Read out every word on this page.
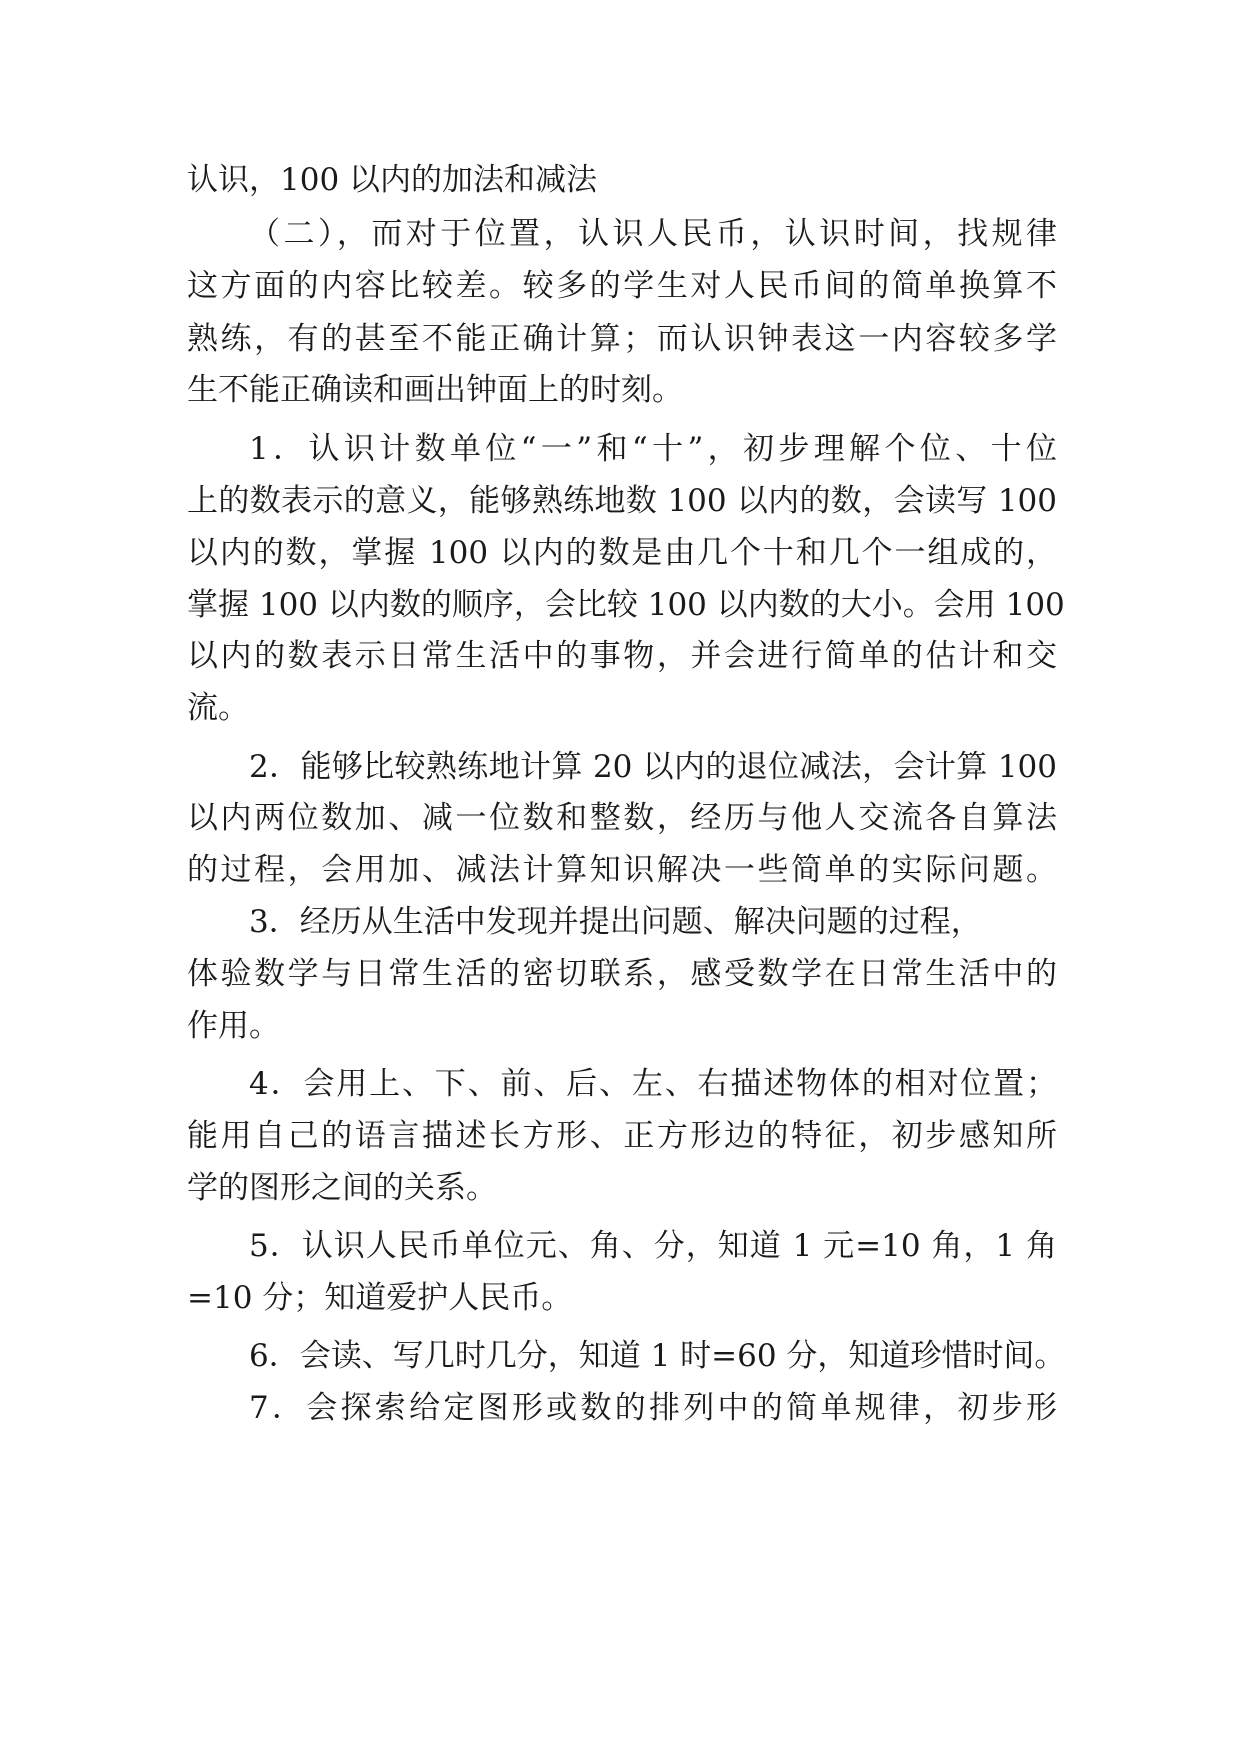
认识，100 以内的加法和减法
（二），而对于位置，认识人民币，认识时间，找规律
这方面的内容比较差。较多的学生对人民币间的简单换算不
熟练，有的甚至不能正确计算；而认识钟表这一内容较多学
生不能正确读和画出钟面上的时刻。
1．认识计数单位“一”和“十”，初步理解个位、十位
上的数表示的意义，能够熟练地数 100 以内的数，会读写 100
以内的数，掌握 100 以内的数是由几个十和几个一组成的，
掌握 100 以内数的顺序，会比较 100 以内数的大小。会用 100
以内的数表示日常生活中的事物，并会进行简单的估计和交
流。
2．能够比较熟练地计算 20 以内的退位减法，会计算 100
以内两位数加、减一位数和整数，经历与他人交流各自算法
的过程，会用加、减法计算知识解决一些简单的实际问题。
3．经历从生活中发现并提出问题、解决问题的过程，
体验数学与日常生活的密切联系，感受数学在日常生活中的
作用。
4．会用上、下、前、后、左、右描述物体的相对位置；
能用自己的语言描述长方形、正方形边的特征，初步感知所
学的图形之间的关系。
5．认识人民币单位元、角、分，知道 1 元=10 角，1 角
=10 分；知道爱护人民币。
6．会读、写几时几分，知道 1 时=60 分，知道珍惜时间。
7．会探索给定图形或数的排列中的简单规律，初步形
